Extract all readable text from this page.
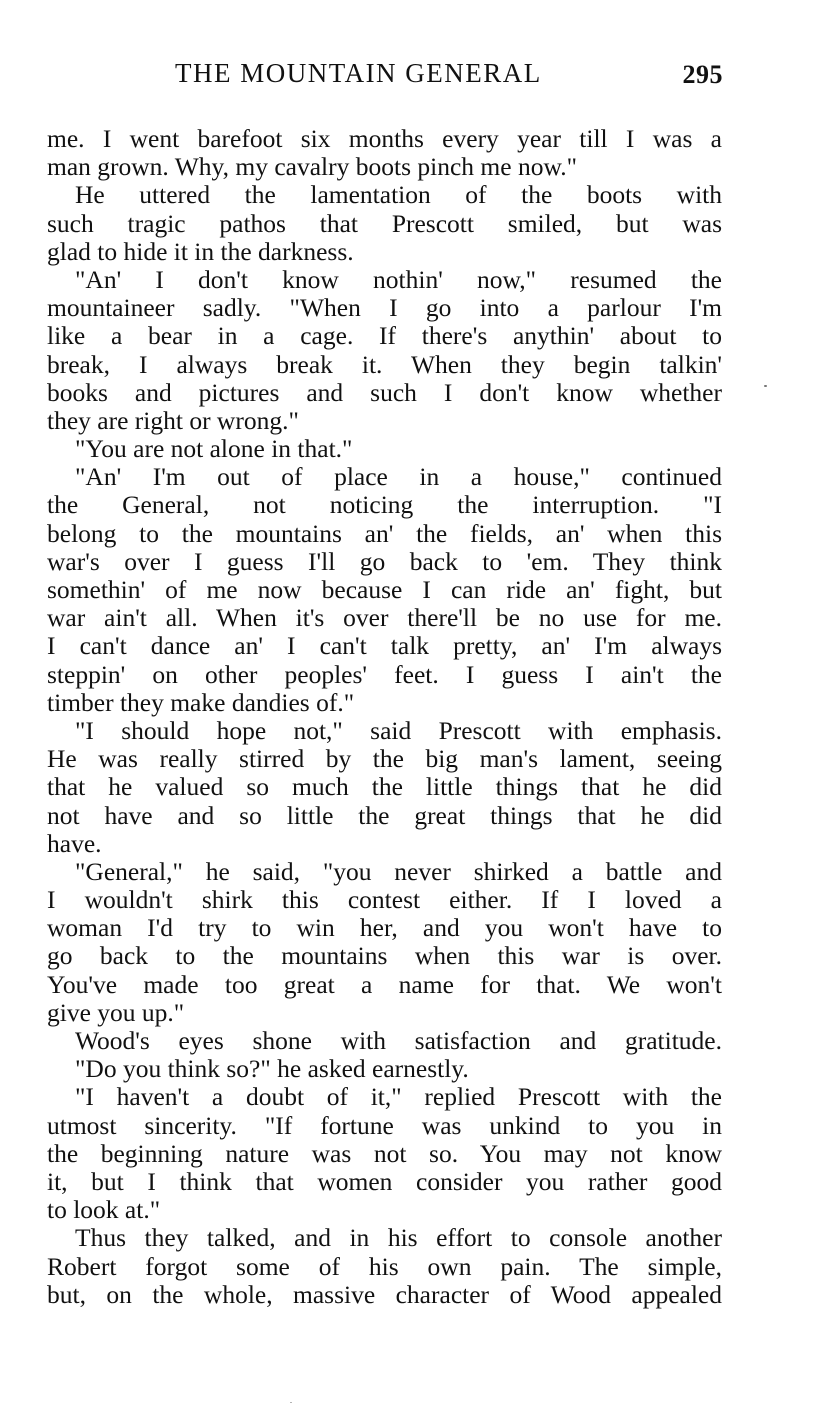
THE MOUNTAIN GENERAL	295
me. I went barefoot six months every year till I was a
man grown. Why, my cavalry boots pinch me now."
He uttered the lamentation of the boots with
such tragic pathos that Prescott smiled, but was
glad to hide it in the darkness.
"An' I don't know nothin' now," resumed the
mountaineer sadly. "When I go into a parlour I'm
like a bear in a cage. If there's anythin' about to
break, I always break it. When they begin talkin'
books and pictures and such I don't know whether
they are right or wrong."
"You are not alone in that."
"An' I'm out of place in a house," continued
the General, not noticing the interruption. "I
belong to the mountains an' the fields, an' when this
war's over I guess I'll go back to 'em. They think
somethin' of me now because I can ride an' fight, but
war ain't all. When it's over there'll be no use for me.
I can't dance an' I can't talk pretty, an' I'm always
steppin' on other peoples' feet. I guess I ain't the
timber they make dandies of."
"I should hope not," said Prescott with emphasis.
He was really stirred by the big man's lament, seeing
that he valued so much the little things that he did
not have and so little the great things that he did
have.
"General," he said, "you never shirked a battle and
I wouldn't shirk this contest either. If I loved a
woman I'd try to win her, and you won't have to
go back to the mountains when this war is over.
You've made too great a name for that. We won't
give you up."
Wood's eyes shone with satisfaction and gratitude.
"Do you think so?" he asked earnestly.
"I haven't a doubt of it," replied Prescott with the
utmost sincerity. "If fortune was unkind to you in
the beginning nature was not so. You may not know
it, but I think that women consider you rather good
to look at."
Thus they talked, and in his effort to console another
Robert forgot some of his own pain. The simple,
but, on the whole, massive character of Wood appealed
